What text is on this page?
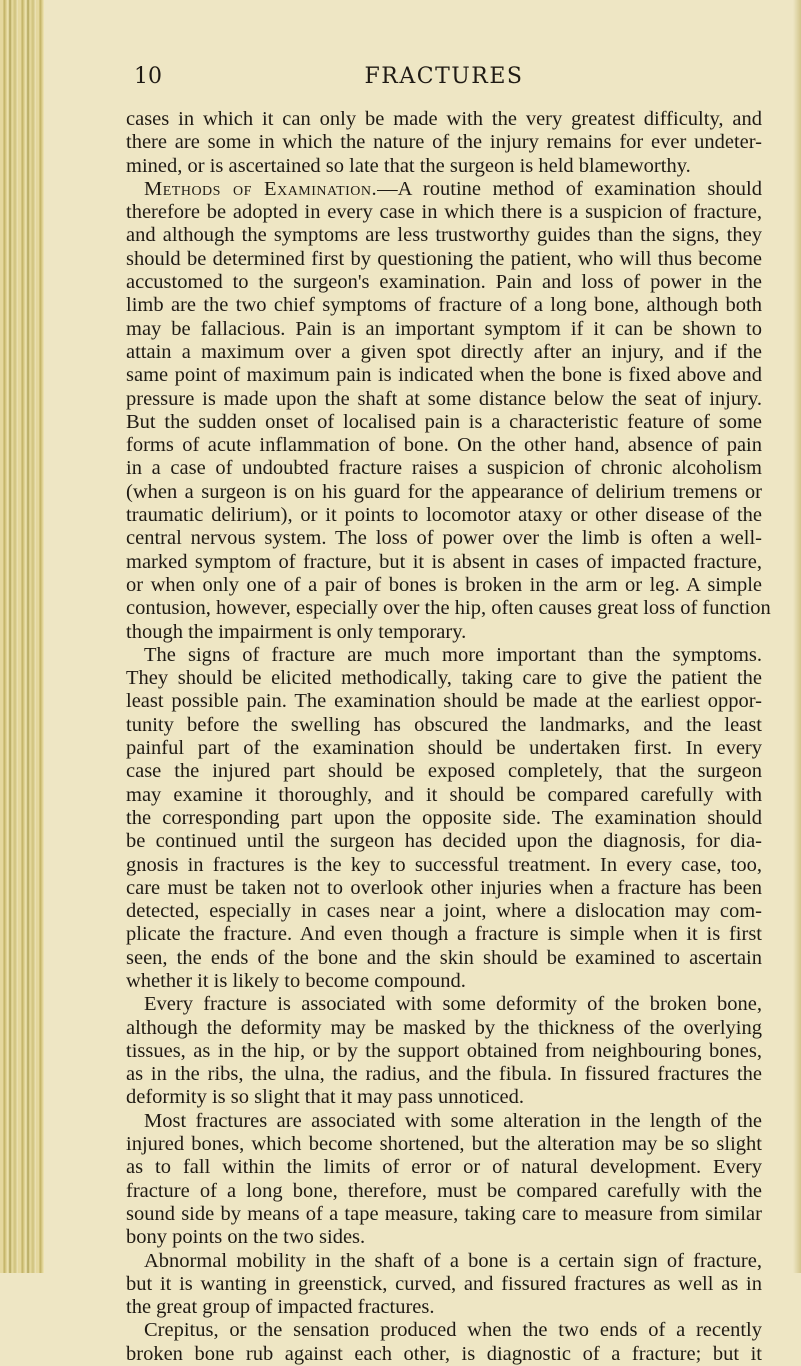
10	FRACTURES
cases in which it can only be made with the very greatest difficulty, and
there are some in which the nature of the injury remains for ever undeter-
mined, or is ascertained so late that the surgeon is held blameworthy.
Methods of Examination.—A routine method of examination should
therefore be adopted in every case in which there is a suspicion of fracture,
and although the symptoms are less trustworthy guides than the signs, they
should be determined first by questioning the patient, who will thus become
accustomed to the surgeon's examination. Pain and loss of power in the
limb are the two chief symptoms of fracture of a long bone, although both
may be fallacious. Pain is an important symptom if it can be shown to
attain a maximum over a given spot directly after an injury, and if the
same point of maximum pain is indicated when the bone is fixed above and
pressure is made upon the shaft at some distance below the seat of injury.
But the sudden onset of localised pain is a characteristic feature of some
forms of acute inflammation of bone. On the other hand, absence of pain
in a case of undoubted fracture raises a suspicion of chronic alcoholism
(when a surgeon is on his guard for the appearance of delirium tremens or
traumatic delirium), or it points to locomotor ataxy or other disease of the
central nervous system. The loss of power over the limb is often a well-
marked symptom of fracture, but it is absent in cases of impacted fracture,
or when only one of a pair of bones is broken in the arm or leg. A simple
contusion, however, especially over the hip, often causes great loss of function
though the impairment is only temporary.
The signs of fracture are much more important than the symptoms.
They should be elicited methodically, taking care to give the patient the
least possible pain. The examination should be made at the earliest oppor-
tunity before the swelling has obscured the landmarks, and the least
painful part of the examination should be undertaken first. In every
case the injured part should be exposed completely, that the surgeon
may examine it thoroughly, and it should be compared carefully with
the corresponding part upon the opposite side. The examination should
be continued until the surgeon has decided upon the diagnosis, for dia-
gnosis in fractures is the key to successful treatment. In every case, too,
care must be taken not to overlook other injuries when a fracture has been
detected, especially in cases near a joint, where a dislocation may com-
plicate the fracture. And even though a fracture is simple when it is first
seen, the ends of the bone and the skin should be examined to ascertain
whether it is likely to become compound.
Every fracture is associated with some deformity of the broken bone,
although the deformity may be masked by the thickness of the overlying
tissues, as in the hip, or by the support obtained from neighbouring bones,
as in the ribs, the ulna, the radius, and the fibula. In fissured fractures the
deformity is so slight that it may pass unnoticed.
Most fractures are associated with some alteration in the length of the
injured bones, which become shortened, but the alteration may be so slight
as to fall within the limits of error or of natural development. Every
fracture of a long bone, therefore, must be compared carefully with the
sound side by means of a tape measure, taking care to measure from similar
bony points on the two sides.
Abnormal mobility in the shaft of a bone is a certain sign of fracture,
but it is wanting in greenstick, curved, and fissured fractures as well as in
the great group of impacted fractures.
Crepitus, or the sensation produced when the two ends of a recently
broken bone rub against each other, is diagnostic of a fracture; but it
